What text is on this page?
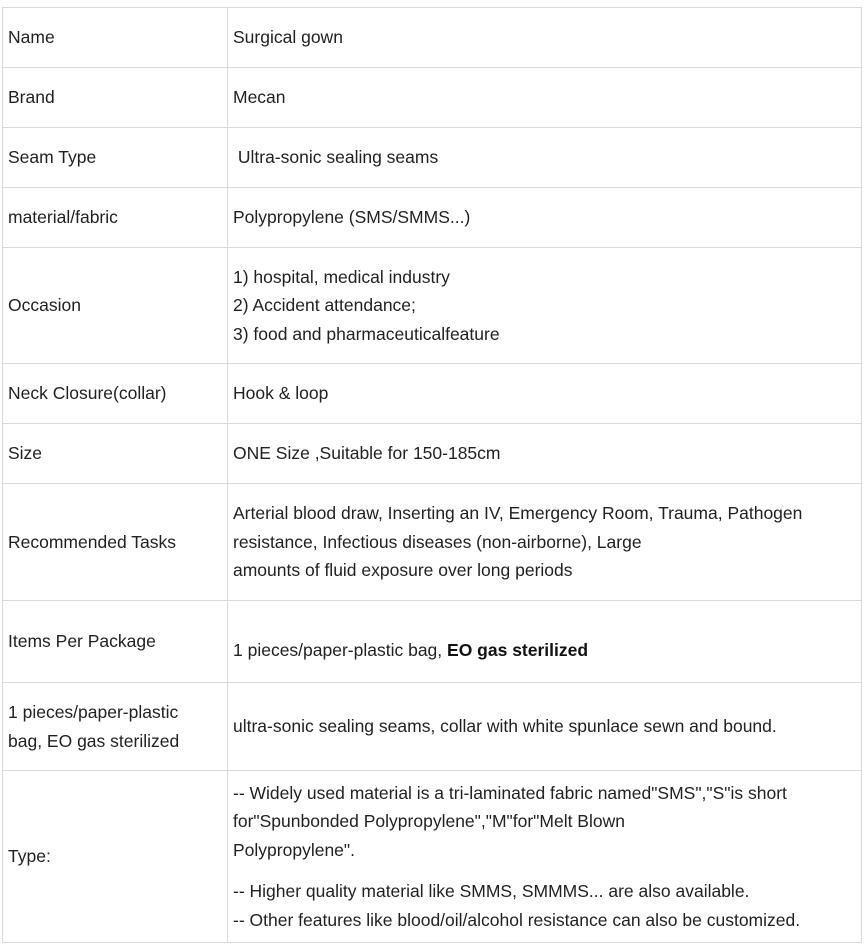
Name	Surgical gown
Brand	Mecan
Seam Type	Ultra-sonic sealing seams
material/fabric	Polypropylene (SMS/SMMS...)
Occasion	1) hospital, medical industry
2) Accident attendance;
3) food and pharmaceuticalfeature

Neck Closure(collar)	Hook & loop
Size	ONE Size ,Suitable for 150-185cm
Recommended Tasks	Arterial blood draw, Inserting an IV, Emergency Room, Trauma, Pathogen
resistance, Infectious diseases (non-airborne), Large
amounts of fluid exposure over long periods

Items Per Package	1 pieces/paper-plastic bag, EO gas sterilized

1 pieces/paper-plastic
bag, EO gas sterilized	ultra-sonic sealing seams, collar with white spunlace sewn and bound.
Type:	-- Widely used material is a tri-laminated fabric named"SMS","S"is short
for"Spunbonded Polypropylene","M"for"Melt Blown
Polypropylene".
-- Higher quality material like SMMS, SMMMS... are also available.
-- Other features like blood/oil/alcohol resistance can also be customized.
